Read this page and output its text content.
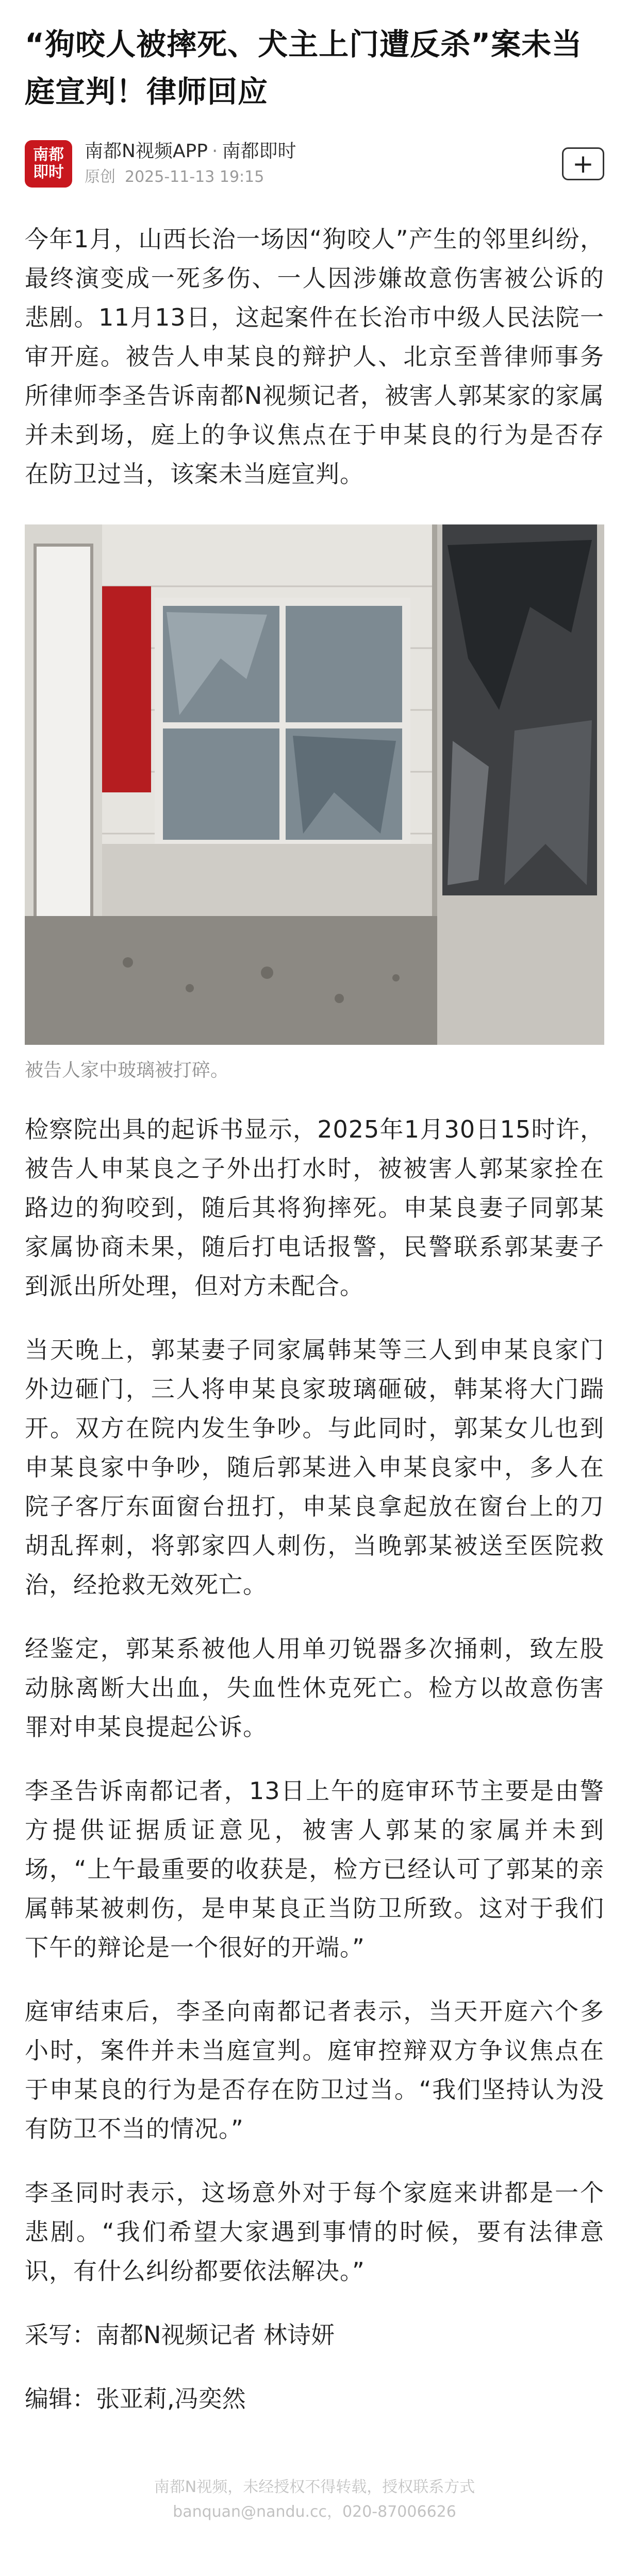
“狗咬人被摔死、犬主上门遭反杀”案未当庭宣判！律师回应
南都
即时
南都N视频APP · 南都即时
原创 2025-11-13 19:15	+

今年1月，山西长治一场因“狗咬人”产生的邻里纠纷，最终演变成一死多伤、一人因涉嫌故意伤害被公诉的悲剧。11月13日，这起案件在长治市中级人民法院一审开庭。被告人申某良的辩护人、北京至普律师事务所律师李圣告诉南都N视频记者，被害人郭某家的家属并未到场，庭上的争议焦点在于申某良的行为是否存在防卫过当，该案未当庭宣判。

被告人家中玻璃被打碎。

检察院出具的起诉书显示，2025年1月30日15时许，被告人申某良之子外出打水时，被被害人郭某家拴在路边的狗咬到，随后其将狗摔死。申某良妻子同郭某家属协商未果，随后打电话报警，民警联系郭某妻子到派出所处理，但对方未配合。

当天晚上，郭某妻子同家属韩某等三人到申某良家门外边砸门，三人将申某良家玻璃砸破，韩某将大门踹开。双方在院内发生争吵。与此同时，郭某女儿也到申某良家中争吵，随后郭某进入申某良家中，多人在院子客厅东面窗台扭打，申某良拿起放在窗台上的刀胡乱挥刺，将郭家四人刺伤，当晚郭某被送至医院救治，经抢救无效死亡。

经鉴定，郭某系被他人用单刃锐器多次捅刺，致左股动脉离断大出血，失血性休克死亡。检方以故意伤害罪对申某良提起公诉。

李圣告诉南都记者，13日上午的庭审环节主要是由警方提供证据质证意见，被害人郭某的家属并未到场，“上午最重要的收获是，检方已经认可了郭某的亲属韩某被刺伤，是申某良正当防卫所致。这对于我们下午的辩论是一个很好的开端。”

庭审结束后，李圣向南都记者表示，当天开庭六个多小时，案件并未当庭宣判。庭审控辩双方争议焦点在于申某良的行为是否存在防卫过当。“我们坚持认为没有防卫不当的情况。”

李圣同时表示，这场意外对于每个家庭来讲都是一个悲剧。“我们希望大家遇到事情的时候，要有法律意识，有什么纠纷都要依法解决。”

采写：南都N视频记者 林诗妍

编辑：张亚莉,冯奕然

南都N视频，未经授权不得转载，授权联系方式
banquan@nandu.cc，020-87006626
